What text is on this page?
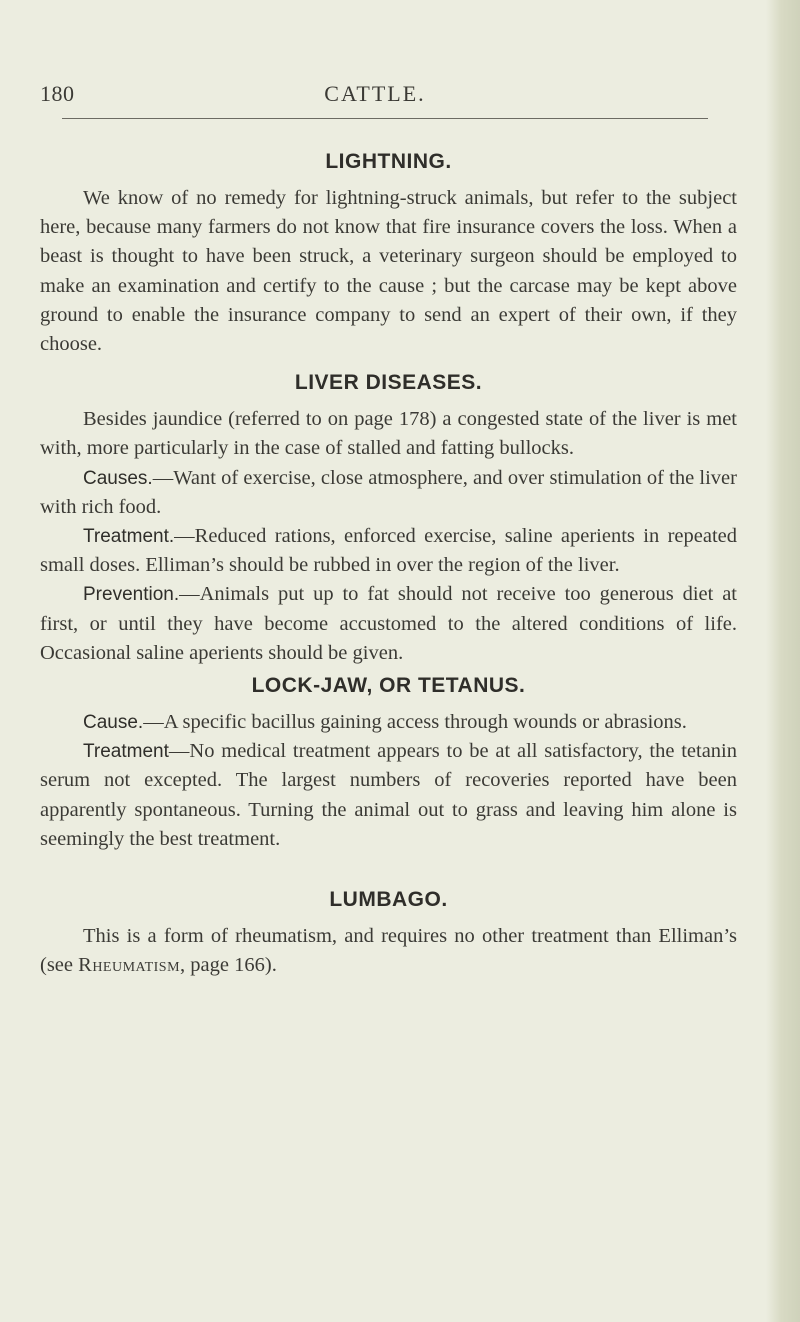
180	CATTLE.
LIGHTNING.

We know of no remedy for lightning-struck animals, but refer to the subject here, because many farmers do not know that fire insurance covers the loss. When a beast is thought to have been struck, a veterinary surgeon should be employed to make an examination and certify to the cause ; but the carcase may be kept above ground to enable the insurance company to send an expert of their own, if they choose.

LIVER DISEASES.

Besides jaundice (referred to on page 178) a congested state of the liver is met with, more particularly in the case of stalled and fatting bullocks.

Causes.—Want of exercise, close atmosphere, and over stimulation of the liver with rich food.

Treatment.—Reduced rations, enforced exercise, saline aperients in repeated small doses. Elliman’s should be rubbed in over the region of the liver.

Prevention.—Animals put up to fat should not receive too generous diet at first, or until they have become accustomed to the altered conditions of life. Occasional saline aperients should be given.

LOCK-JAW, OR TETANUS.

Cause.—A specific bacillus gaining access through wounds or abrasions.

Treatment—No medical treatment appears to be at all satisfactory, the tetanin serum not excepted. The largest numbers of recoveries reported have been apparently spontaneous. Turning the animal out to grass and leaving him alone is seemingly the best treatment.

LUMBAGO.

This is a form of rheumatism, and requires no other treatment than Elliman’s (see Rheumatism, page 166).
